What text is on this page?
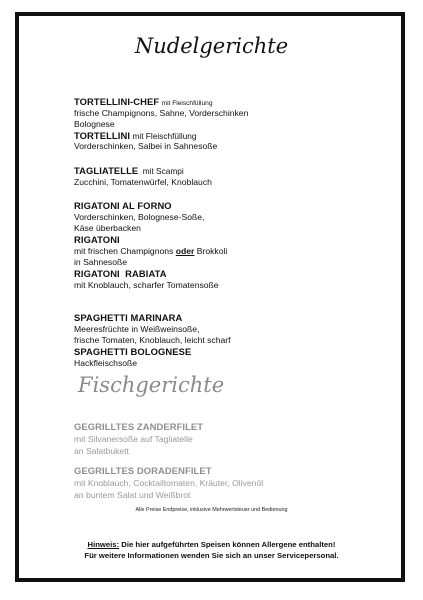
Nudelgerichte
TORTELLINI-CHEF mit Fleischfüllung
frische Champignons, Sahne, Vorderschinken
Bolognese
TORTELLINI mit Fleischfüllung
Vorderschinken, Salbei in Sahnesoße
TAGLIATELLE mit Scampi
Zucchini, Tomatenwürfel, Knoblauch
RIGATONI AL FORNO
Vorderschinken, Bolognese-Soße,
Käse überbacken
RIGATONI
mit frischen Champignons oder Brokkoli
in Sahnesoße
RIGATONI  RABIATA
mit Knoblauch, scharfer Tomatensoße
SPAGHETTI MARINARA
Meeresfrüchte in Weißweinsoße,
frische Tomaten, Knoblauch, leicht scharf
SPAGHETTI BOLOGNESE
Hackfleischsoße
Fischgerichte
GEGRILLTES ZANDERFILET
mit Silvanersoße auf Tagliatelle
an Salatbukett
GEGRILLTES DORADENFILET
mit Knoblauch, Cocktailtomaten, Kräuter, Olivenöl
an buntem Salat und Weißbrot
Alle Preise Endpreise, inklusive Mehrwertsteuer und Bedienung
Hinweis: Die hier aufgeführten Speisen können Allergene enthalten!
Für weitere Informationen wenden Sie sich an unser Servicepersonal.
